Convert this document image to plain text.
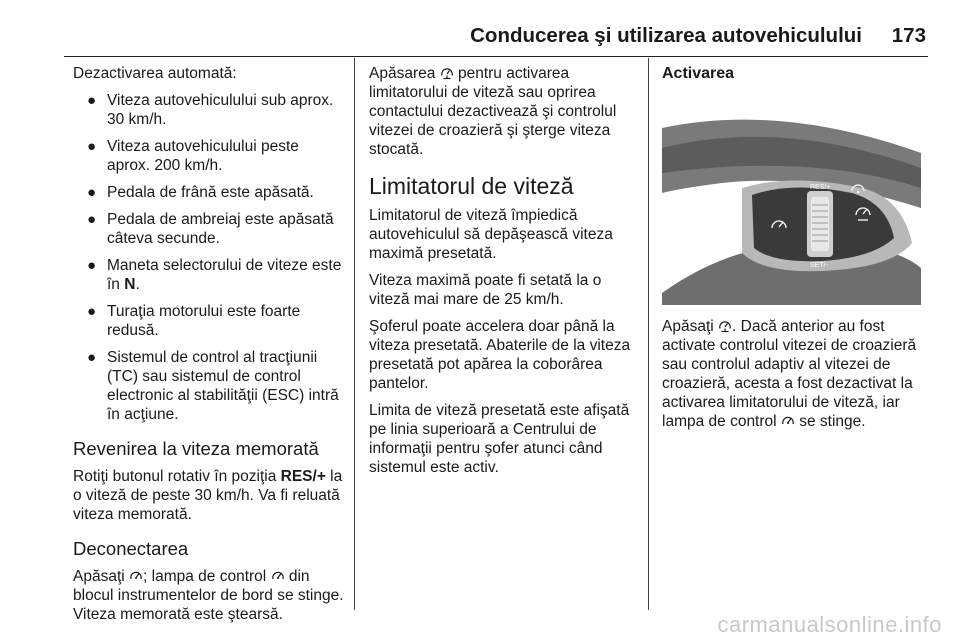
Conducerea şi utilizarea autovehiculului 173

Dezactivarea automată:

● Viteza autovehiculului sub aprox. 30 km/h.
● Viteza autovehiculului peste aprox. 200 km/h.
● Pedala de frână este apăsată.
● Pedala de ambreiaj este apăsată câteva secunde.
● Maneta selectorului de viteze este în N.
● Turaţia motorului este foarte redusă.
● Sistemul de control al tracţiunii (TC) sau sistemul de control electronic al stabilităţii (ESC) intră în acţiune.
Revenirea la viteza memorată

Rotiţi butonul rotativ în poziţia RES/+ la o viteză de peste 30 km/h. Va fi reluată viteza memorată.

Deconectarea

Apăsaţi ; lampa de control  din blocul instrumentelor de bord se stinge. Viteza memorată este ştearsă.

Apăsarea  pentru activarea limitatorului de viteză sau oprirea contactului dezactivează şi controlul vitezei de croazieră şi şterge viteza stocată.

Limitatorul de viteză

Limitatorul de viteză împiedică autovehiculul să depăşească viteza maximă presetată.

Viteza maximă poate fi setată la o viteză mai mare de 25 km/h.

Şoferul poate accelera doar până la viteza presetată. Abaterile de la viteza presetată pot apărea la coborârea pantelor.

Limita de viteză presetată este afişată pe linia superioară a Centrului de informaţii pentru şofer atunci când sistemul este activ.

Activarea
RES/+
SET/-

Apăsaţi . Dacă anterior au fost activate controlul vitezei de croazieră sau controlul adaptiv al vitezei de croazieră, acesta a fost dezactivat la activarea limitatorului de viteză, iar lampa de control  se stinge.

carmanualsonline.info
